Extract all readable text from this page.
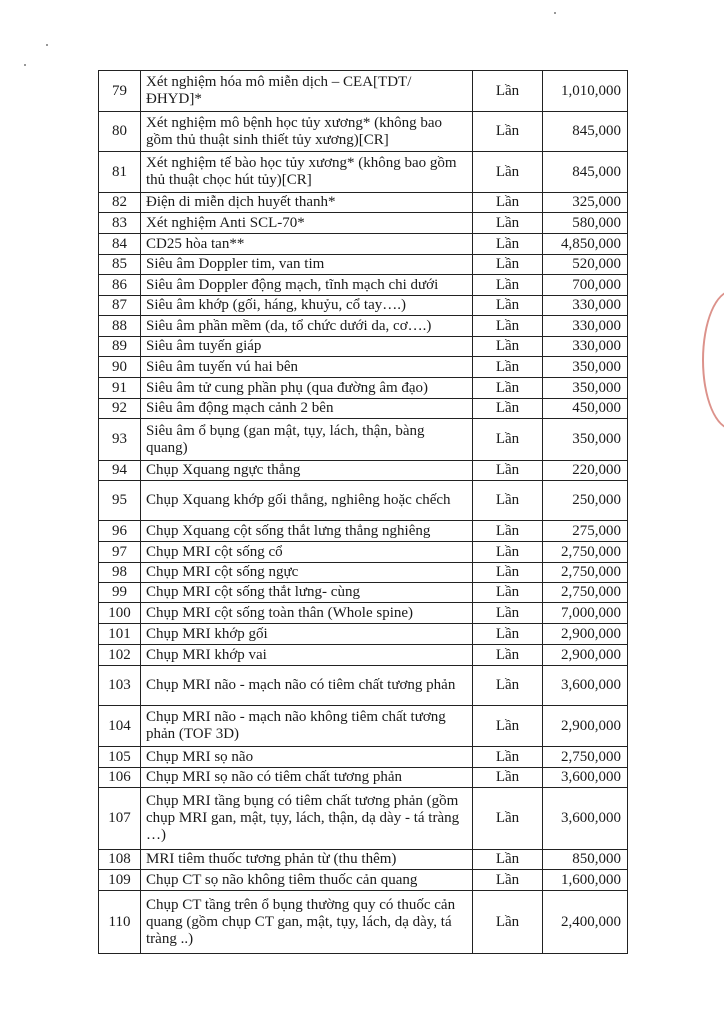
79	Xét nghiệm hóa mô miễn dịch – CEA[TDT/ĐHYD]*	Lần	1,010,000
80	Xét nghiệm mô bệnh học tủy xương* (không bao gồm thủ thuật sinh thiết tủy xương)[CR]	Lần	845,000
81	Xét nghiệm tế bào học tủy xương* (không bao gồm thủ thuật chọc hút tủy)[CR]	Lần	845,000
82	Điện di miễn dịch huyết thanh*	Lần	325,000
83	Xét nghiệm Anti SCL-70*	Lần	580,000
84	CD25 hòa tan**	Lần	4,850,000
85	Siêu âm Doppler tim, van tim	Lần	520,000
86	Siêu âm Doppler động mạch, tĩnh mạch chi dưới	Lần	700,000
87	Siêu âm khớp (gối, háng, khuỷu, cổ tay….)	Lần	330,000
88	Siêu âm phần mềm (da, tổ chức dưới da, cơ….)	Lần	330,000
89	Siêu âm tuyến giáp	Lần	330,000
90	Siêu âm tuyến vú hai bên	Lần	350,000
91	Siêu âm tử cung phần phụ (qua đường âm đạo)	Lần	350,000
92	Siêu âm động mạch cảnh 2 bên	Lần	450,000
93	Siêu âm ổ bụng (gan mật, tụy, lách, thận, bàng quang)	Lần	350,000
94	Chụp Xquang ngực thẳng	Lần	220,000
95	Chụp Xquang khớp gối thẳng, nghiêng hoặc chếch	Lần	250,000
96	Chụp Xquang cột sống thắt lưng thẳng nghiêng	Lần	275,000
97	Chụp MRI cột sống cổ	Lần	2,750,000
98	Chụp MRI cột sống ngực	Lần	2,750,000
99	Chụp MRI cột sống thắt lưng- cùng	Lần	2,750,000
100	Chụp MRI cột sống toàn thân (Whole spine)	Lần	7,000,000
101	Chụp MRI khớp gối	Lần	2,900,000
102	Chụp MRI khớp vai	Lần	2,900,000
103	Chụp MRI não - mạch não có tiêm chất tương phản	Lần	3,600,000
104	Chụp MRI não - mạch não không tiêm chất tương phản (TOF 3D)	Lần	2,900,000
105	Chụp MRI sọ não	Lần	2,750,000
106	Chụp MRI sọ não có tiêm chất tương phản	Lần	3,600,000
107	Chụp MRI tầng bụng có tiêm chất tương phản (gồm chụp MRI gan, mật, tụy, lách, thận, dạ dày - tá tràng …)	Lần	3,600,000
108	MRI tiêm thuốc tương phản từ (thu thêm)	Lần	850,000
109	Chụp CT sọ não không tiêm thuốc cản quang	Lần	1,600,000
110	Chụp CT tầng trên ổ bụng thường quy có thuốc cản quang (gồm chụp CT gan, mật, tụy, lách, dạ dày, tá tràng ..)	Lần	2,400,000
